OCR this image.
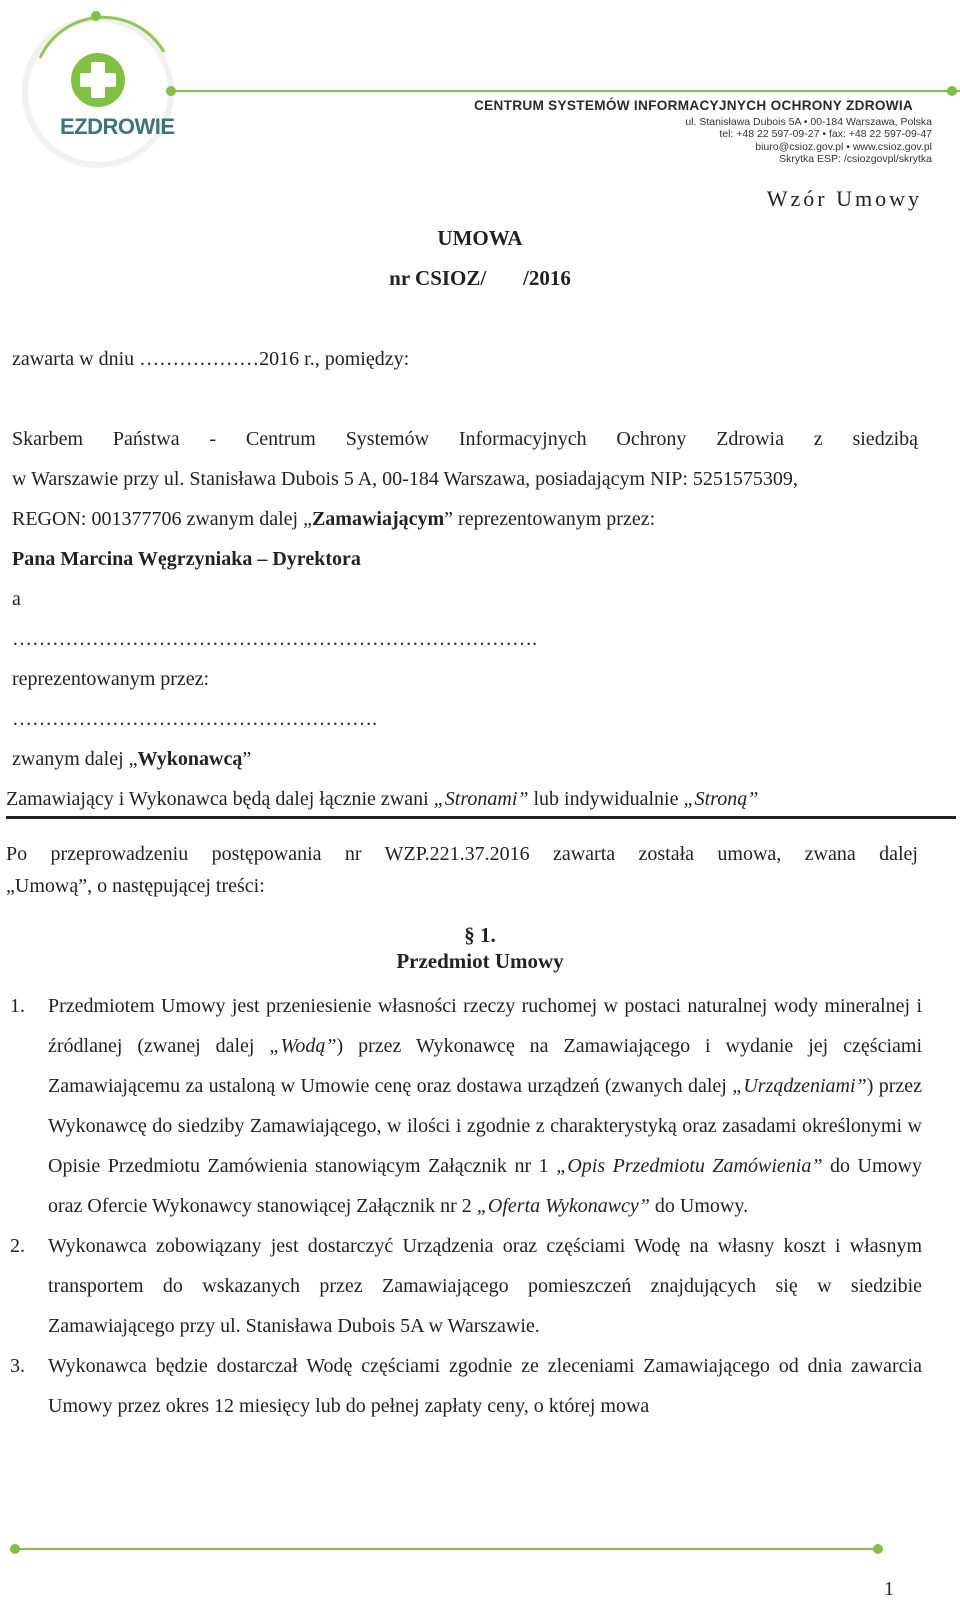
EZDROWIE
CENTRUM SYSTEMÓW INFORMACYJNYCH OCHRONY ZDROWIA
ul. Stanisława Dubois 5A • 00-184 Warszawa, Polska
tel: +48 22 597-09-27 • fax: +48 22 597-09-47
biuro@csioz.gov.pl • www.csioz.gov.pl
Skrytka ESP: /csiozgovpl/skrytka
Wzór Umowy
UMOWA
nr CSIOZ/       /2016
zawarta w dniu ………………2016 r., pomiędzy:
Skarbem Państwa - Centrum Systemów Informacyjnych Ochrony Zdrowia z siedzibą
w Warszawie przy ul. Stanisława Dubois 5 A, 00-184 Warszawa, posiadającym NIP: 5251575309,
REGON: 001377706 zwanym dalej „Zamawiającym” reprezentowanym przez:
Pana Marcina Węgrzyniaka – Dyrektora
a
…………………………………………………………………….
reprezentowanym przez:
……………………………………………….
zwanym dalej „Wykonawcą”
Zamawiający i Wykonawca będą dalej łącznie zwani „Stronami” lub indywidualnie „Stroną”
Po przeprowadzeniu postępowania nr WZP.221.37.2016 zawarta została umowa, zwana dalej
„Umową”, o następującej treści:
§ 1.
Przedmiot Umowy
1. Przedmiotem Umowy jest przeniesienie własności rzeczy ruchomej w postaci naturalnej wody mineralnej i źródlanej (zwanej dalej „Wodą”) przez Wykonawcę na Zamawiającego i wydanie jej częściami Zamawiającemu za ustaloną w Umowie cenę oraz dostawa urządzeń (zwanych dalej „Urządzeniami”) przez Wykonawcę do siedziby Zamawiającego, w ilości i zgodnie z charakterystyką oraz zasadami określonymi w Opisie Przedmiotu Zamówienia stanowiącym Załącznik nr 1 „Opis Przedmiotu Zamówienia” do Umowy oraz Ofercie Wykonawcy stanowiącej Załącznik nr 2 „Oferta Wykonawcy” do Umowy.
2. Wykonawca zobowiązany jest dostarczyć Urządzenia oraz częściami Wodę na własny koszt i własnym transportem do wskazanych przez Zamawiającego pomieszczeń znajdujących się w siedzibie Zamawiającego przy ul. Stanisława Dubois 5A w Warszawie.
3. Wykonawca będzie dostarczał Wodę częściami zgodnie ze zleceniami Zamawiającego od dnia zawarcia Umowy przez okres 12 miesięcy lub do pełnej zapłaty ceny, o której mowa
1
